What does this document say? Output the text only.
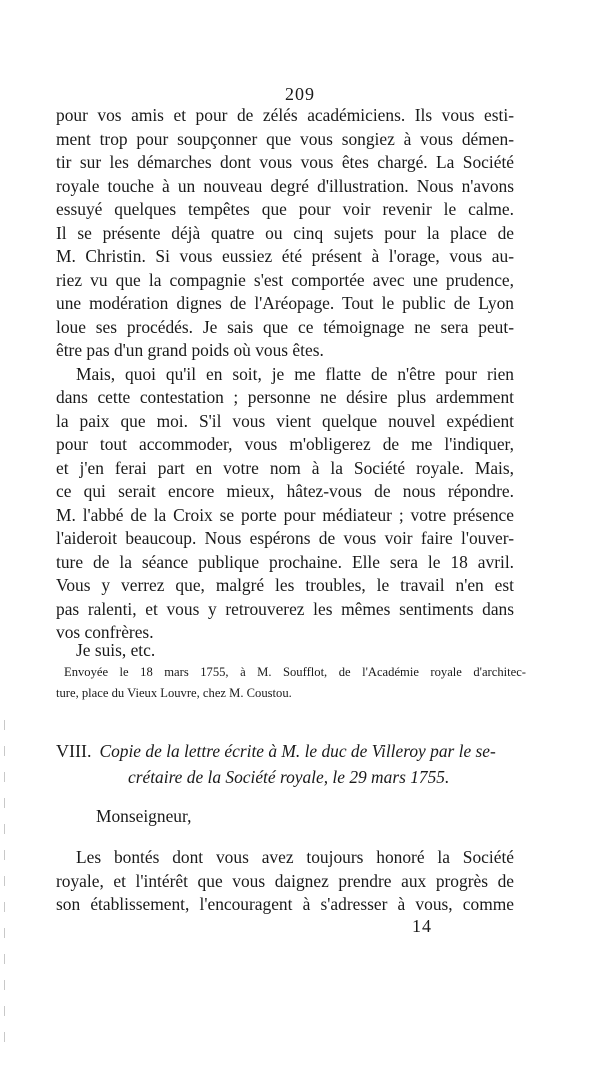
209

pour vos amis et pour de zélés académiciens. Ils vous esti-
ment trop pour soupçonner que vous songiez à vous démen-
tir sur les démarches dont vous vous êtes chargé. La Société
royale touche à un nouveau degré d'illustration. Nous n'avons
essuyé quelques tempêtes que pour voir revenir le calme.
Il se présente déjà quatre ou cinq sujets pour la place de
M. Christin. Si vous eussiez été présent à l'orage, vous au-
riez vu que la compagnie s'est comportée avec une prudence,
une modération dignes de l'Aréopage. Tout le public de Lyon
loue ses procédés. Je sais que ce témoignage ne sera peut-
être pas d'un grand poids où vous êtes.

Mais, quoi qu'il en soit, je me flatte de n'être pour rien
dans cette contestation ; personne ne désire plus ardemment
la paix que moi. S'il vous vient quelque nouvel expédient
pour tout accommoder, vous m'obligerez de me l'indiquer,
et j'en ferai part en votre nom à la Société royale. Mais,
ce qui serait encore mieux, hâtez-vous de nous répondre.
M. l'abbé de la Croix se porte pour médiateur ; votre présence
l'aideroit beaucoup. Nous espérons de vous voir faire l'ouver-
ture de la séance publique prochaine. Elle sera le 18 avril.
Vous y verrez que, malgré les troubles, le travail n'en est
pas ralenti, et vous y retrouverez les mêmes sentiments dans
vos confrères.

Je suis, etc.
Envoyée le 18 mars 1755, à M. Soufflot, de l'Académie royale d'architec-
ture, place du Vieux Louvre, chez M. Coustou.
VIII. Copie de la lettre écrite à M. le duc de Villeroy par le se-
crétaire de la Société royale, le 29 mars 1755.
Monseigneur,
Les bontés dont vous avez toujours honoré la Société
royale, et l'intérêt que vous daignez prendre aux progrès de
son établissement, l'encouragent à s'adresser à vous, comme
14
